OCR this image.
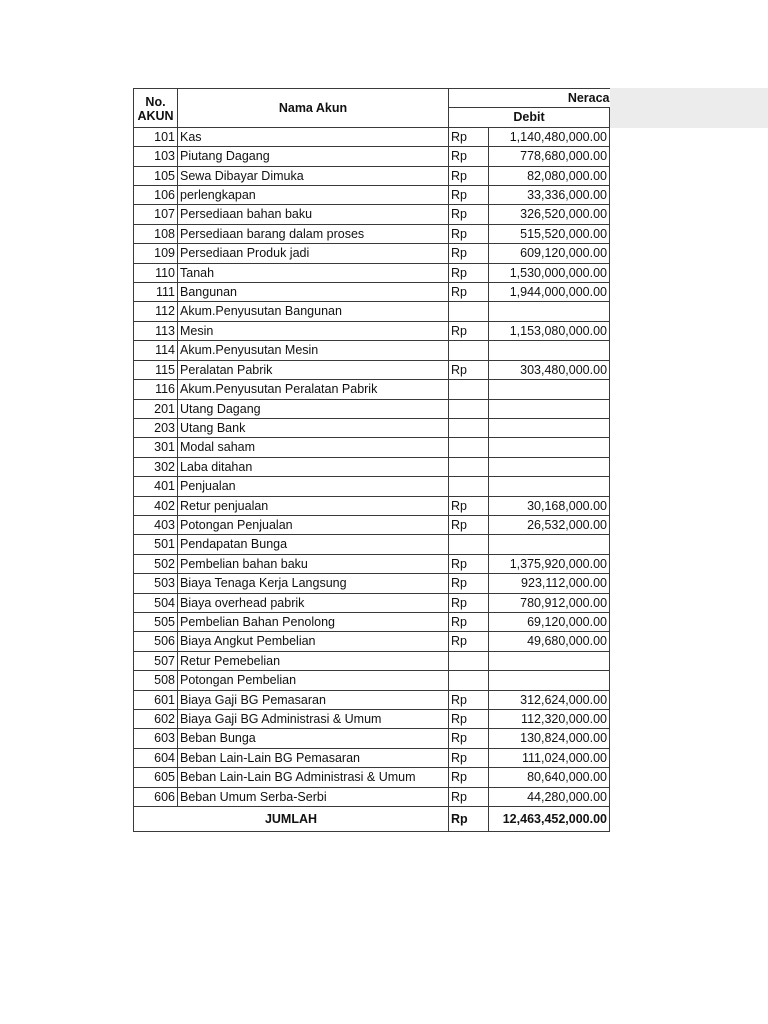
No.
AKUN	Nama Akun	Neraca	
		Debit	
101	Kas	Rp	1,140,480,000.00
103	Piutang Dagang	Rp	778,680,000.00
105	Sewa Dibayar Dimuka	Rp	82,080,000.00
106	perlengkapan	Rp	33,336,000.00
107	Persediaan bahan baku	Rp	326,520,000.00
108	Persediaan barang dalam proses	Rp	515,520,000.00
109	Persediaan Produk jadi	Rp	609,120,000.00
110	Tanah	Rp	1,530,000,000.00
111	Bangunan	Rp	1,944,000,000.00
112	Akum.Penyusutan Bangunan		
113	Mesin	Rp	1,153,080,000.00
114	Akum.Penyusutan Mesin		
115	Peralatan Pabrik	Rp	303,480,000.00
116	Akum.Penyusutan Peralatan Pabrik		
201	Utang Dagang		
203	Utang Bank		
301	Modal saham		
302	Laba ditahan		
401	Penjualan		
402	Retur penjualan	Rp	30,168,000.00
403	Potongan Penjualan	Rp	26,532,000.00
501	Pendapatan Bunga		
502	Pembelian bahan baku	Rp	1,375,920,000.00
503	Biaya Tenaga Kerja Langsung	Rp	923,112,000.00
504	Biaya overhead pabrik	Rp	780,912,000.00
505	Pembelian Bahan Penolong	Rp	69,120,000.00
506	Biaya Angkut Pembelian	Rp	49,680,000.00
507	Retur Pemebelian		
508	Potongan Pembelian		
601	Biaya Gaji BG Pemasaran	Rp	312,624,000.00
602	Biaya Gaji BG Administrasi & Umum	Rp	112,320,000.00
603	Beban Bunga	Rp	130,824,000.00
604	Beban Lain-Lain BG Pemasaran	Rp	111,024,000.00
605	Beban Lain-Lain BG Administrasi & Umum	Rp	80,640,000.00
606	Beban Umum Serba-Serbi	Rp	44,280,000.00
JUMLAH		Rp	12,463,452,000.00
